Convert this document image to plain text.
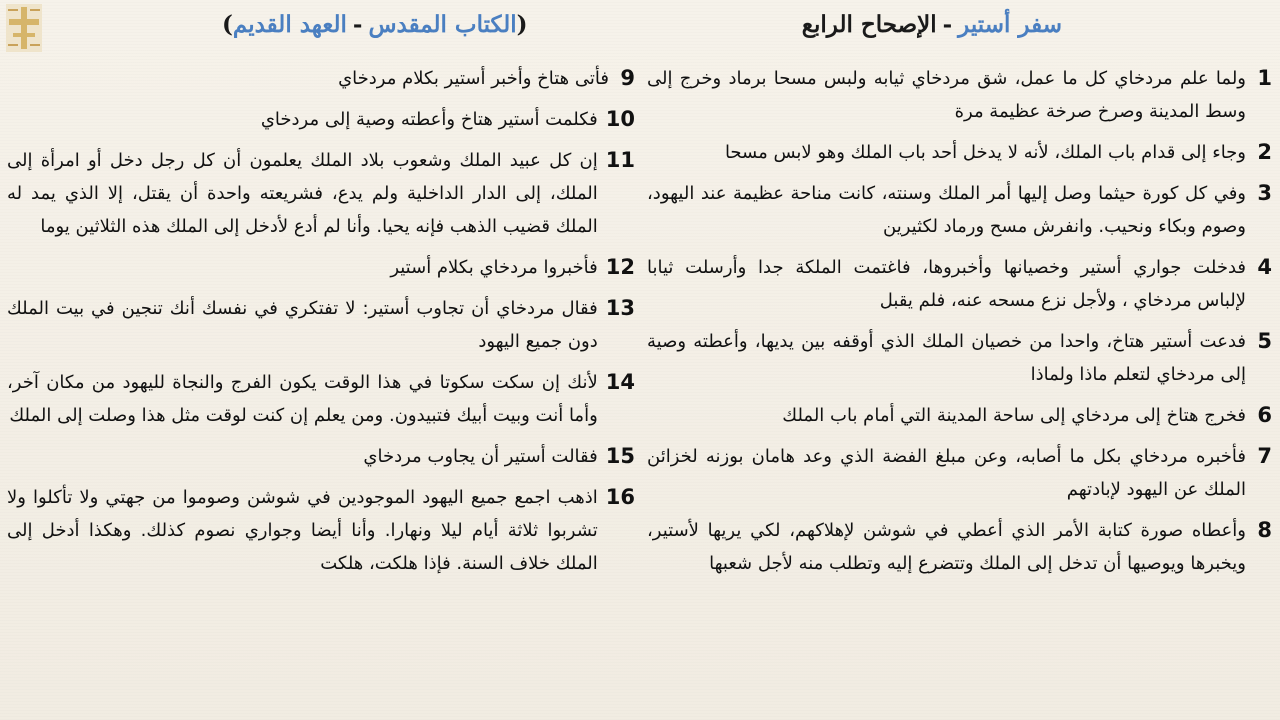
سفر أستير
-
الإصحاح الرابع
(
الكتاب المقدس
-
العهد القديم
)
1
ولما علم مردخاي كل ما عمل، شق مردخاي ثيابه ولبس مسحا برماد وخرج إلى وسط المدينة وصرخ صرخة عظيمة مرة
2
وجاء إلى قدام باب الملك، لأنه لا يدخل أحد باب الملك وهو لابس مسحا
3
وفي كل كورة حيثما وصل إليها أمر الملك وسنته، كانت مناحة عظيمة عند اليهود، وصوم وبكاء ونحيب. وانفرش مسح ورماد لكثيرين
4
فدخلت جواري أستير وخصيانها وأخبروها، فاغتمت الملكة جدا وأرسلت ثيابا لإلباس مردخاي ، ولأجل نزع مسحه عنه، فلم يقبل
5
فدعت أستير هتاخ، واحدا من خصيان الملك الذي أوقفه بين يديها، وأعطته وصية إلى مردخاي لتعلم ماذا ولماذا
6
فخرج هتاخ إلى مردخاي إلى ساحة المدينة التي أمام باب الملك
7
فأخبره مردخاي بكل ما أصابه، وعن مبلغ الفضة الذي وعد هامان بوزنه لخزائن الملك عن اليهود لإبادتهم
8
وأعطاه صورة كتابة الأمر الذي أعطي في شوشن لإهلاكهم، لكي يريها لأستير، ويخبرها ويوصيها أن تدخل إلى الملك وتتضرع إليه وتطلب منه لأجل شعبها
9
فأتى هتاخ وأخبر أستير بكلام مردخاي
10
فكلمت أستير هتاخ وأعطته وصية إلى مردخاي
11
إن كل عبيد الملك وشعوب بلاد الملك يعلمون أن كل رجل دخل أو امرأة إلى الملك، إلى الدار الداخلية ولم يدع، فشريعته واحدة أن يقتل، إلا الذي يمد له الملك قضيب الذهب فإنه يحيا. وأنا لم أدع لأدخل إلى الملك هذه الثلاثين يوما
12
فأخبروا مردخاي بكلام أستير
13
فقال مردخاي أن تجاوب أستير: لا تفتكري في نفسك أنك تنجين في بيت الملك دون جميع اليهود
14
لأنك إن سكت سكوتا في هذا الوقت يكون الفرج والنجاة لليهود من مكان آخر، وأما أنت وبيت أبيك فتبيدون. ومن يعلم إن كنت لوقت مثل هذا وصلت إلى الملك
15
فقالت أستير أن يجاوب مردخاي
16
اذهب اجمع جميع اليهود الموجودين في شوشن وصوموا من جهتي ولا تأكلوا ولا تشربوا ثلاثة أيام ليلا ونهارا. وأنا أيضا وجواري نصوم كذلك. وهكذا أدخل إلى الملك خلاف السنة. فإذا هلكت، هلكت
